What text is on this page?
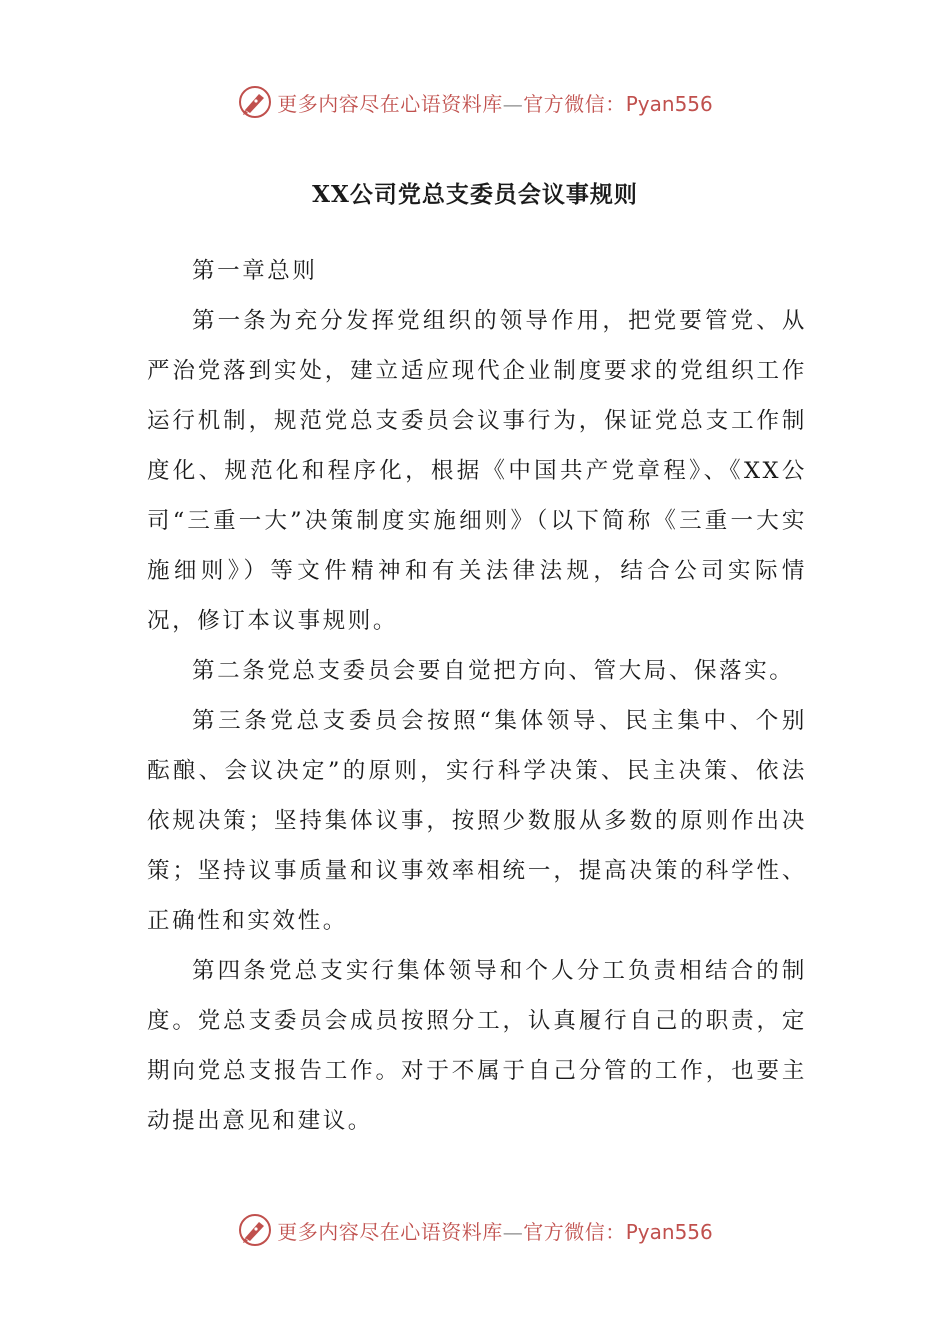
更多内容尽在心语资料库—官方微信：Pyan556
XX公司党总支委员会议事规则

第一章总则

第一条为充分发挥党组织的领导作用，把党要管党、从严治党落到实处，建立适应现代企业制度要求的党组织工作运行机制，规范党总支委员会议事行为，保证党总支工作制度化、规范化和程序化，根据《中国共产党章程》、《XX公司“三重一大”决策制度实施细则》（以下简称《三重一大实施细则》）等文件精神和有关法律法规，结合公司实际情况，修订本议事规则。

第二条党总支委员会要自觉把方向、管大局、保落实。

第三条党总支委员会按照“集体领导、民主集中、个别酝酿、会议决定”的原则，实行科学决策、民主决策、依法依规决策；坚持集体议事，按照少数服从多数的原则作出决策；坚持议事质量和议事效率相统一，提高决策的科学性、正确性和实效性。

第四条党总支实行集体领导和个人分工负责相结合的制度。党总支委员会成员按照分工，认真履行自己的职责，定期向党总支报告工作。对于不属于自己分管的工作，也要主动提出意见和建议。

更多内容尽在心语资料库—官方微信：Pyan556
